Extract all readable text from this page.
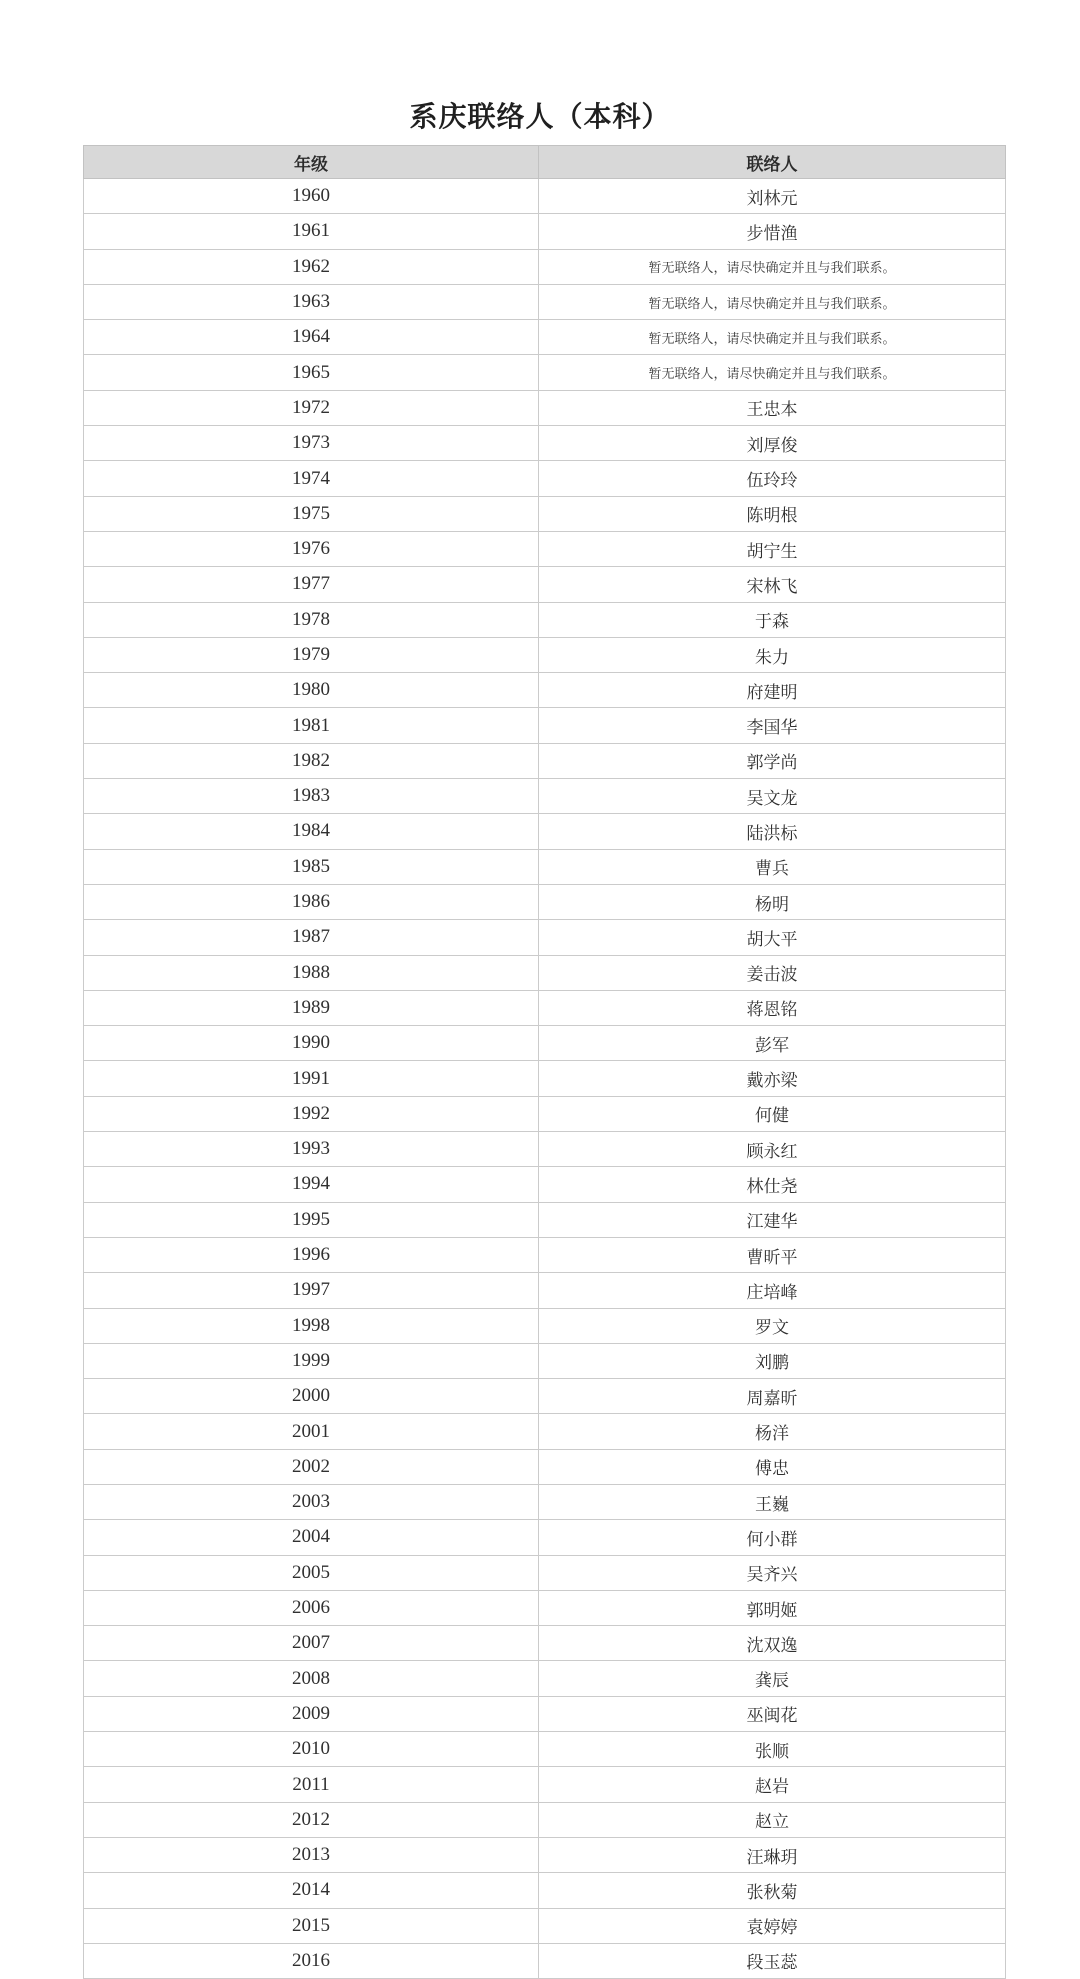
系庆联络人（本科）
年级	联络人
1960	刘林元
1961	步惜渔
1962	暂无联络人，请尽快确定并且与我们联系。
1963	暂无联络人，请尽快确定并且与我们联系。
1964	暂无联络人，请尽快确定并且与我们联系。
1965	暂无联络人，请尽快确定并且与我们联系。
1972	王忠本
1973	刘厚俊
1974	伍玲玲
1975	陈明根
1976	胡宁生
1977	宋林飞
1978	于森
1979	朱力
1980	府建明
1981	李国华
1982	郭学尚
1983	吴文龙
1984	陆洪标
1985	曹兵
1986	杨明
1987	胡大平
1988	姜击波
1989	蒋恩铭
1990	彭军
1991	戴亦梁
1992	何健
1993	顾永红
1994	林仕尧
1995	江建华
1996	曹昕平
1997	庄培峰
1998	罗文
1999	刘鹏
2000	周嘉昕
2001	杨洋
2002	傅忠
2003	王巍
2004	何小群
2005	吴齐兴
2006	郭明姬
2007	沈双逸
2008	龚辰
2009	巫闽花
2010	张顺
2011	赵岩
2012	赵立
2013	汪琳玥
2014	张秋菊
2015	袁婷婷
2016	段玉蕊
